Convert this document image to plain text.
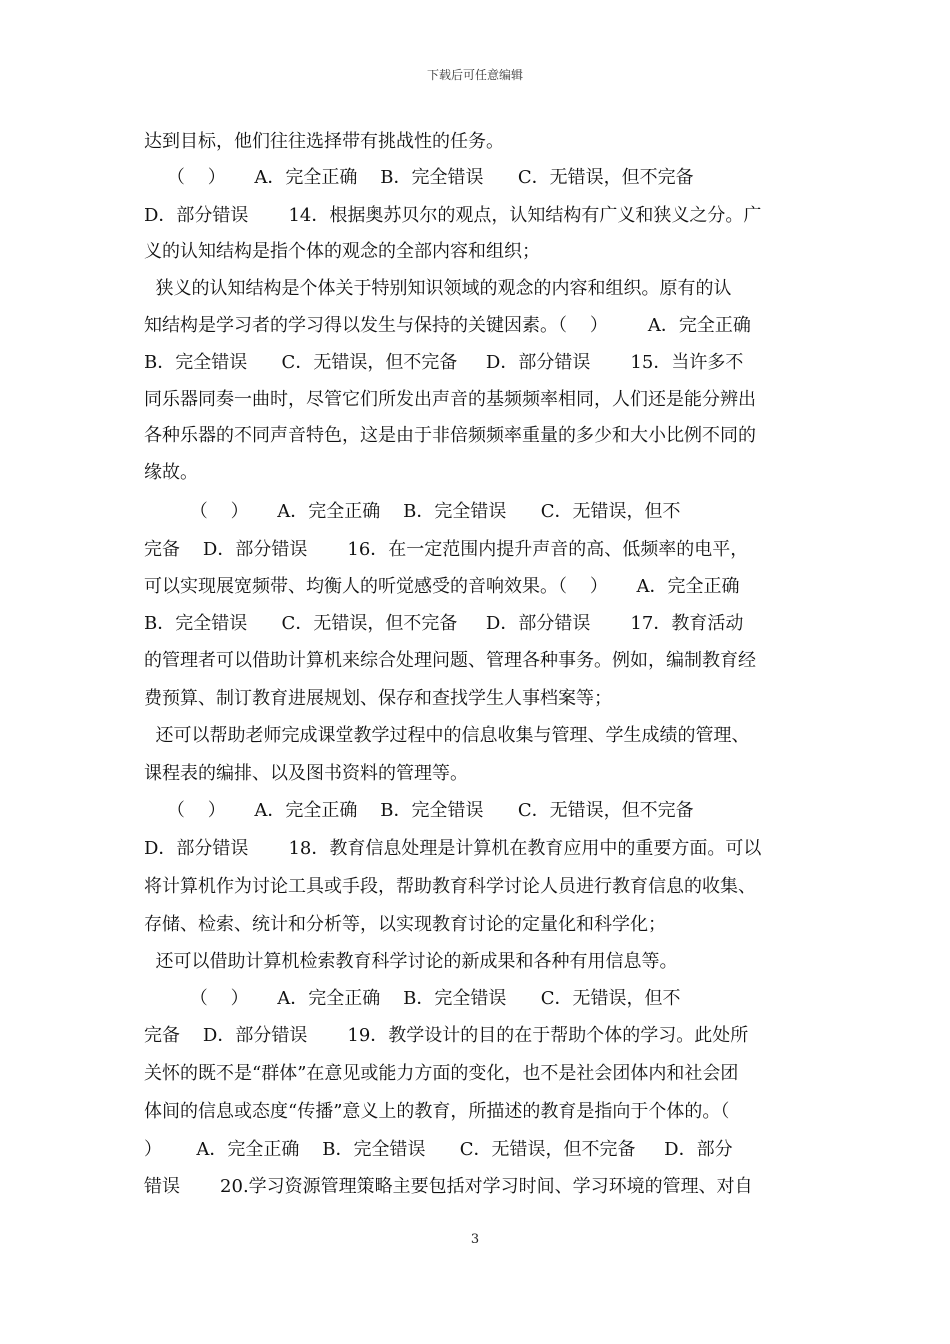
下载后可任意编辑
达到目标，他们往往选择带有挑战性的任务。
（    ）     A．完全正确    B．完全错误      C．无错误，但不完备
D．部分错误       14．根据奥苏贝尔的观点，认知结构有广义和狭义之分。广
义的认知结构是指个体的观念的全部内容和组织；
狭义的认知结构是个体关于特别知识领域的观念的内容和组织。原有的认
知结构是学习者的学习得以发生与保持的关键因素。（    ）       A．完全正确
B．完全错误      C．无错误，但不完备     D．部分错误       15．当许多不
同乐器同奏一曲时，尽管它们所发出声音的基频频率相同，人们还是能分辨出
各种乐器的不同声音特色，这是由于非倍频频率重量的多少和大小比例不同的
缘故。
（    ）     A．完全正确    B．完全错误      C．无错误，但不
完备    D．部分错误       16．在一定范围内提升声音的高、低频率的电平，
可以实现展宽频带、均衡人的听觉感受的音响效果。（    ）     A．完全正确
B．完全错误      C．无错误，但不完备     D．部分错误       17．教育活动
的管理者可以借助计算机来综合处理问题、管理各种事务。例如，编制教育经
费预算、制订教育进展规划、保存和查找学生人事档案等；
还可以帮助老师完成课堂教学过程中的信息收集与管理、学生成绩的管理、
课程表的编排、以及图书资料的管理等。
（    ）     A．完全正确    B．完全错误      C．无错误，但不完备
D．部分错误       18．教育信息处理是计算机在教育应用中的重要方面。可以
将计算机作为讨论工具或手段，帮助教育科学讨论人员进行教育信息的收集、
存储、检索、统计和分析等，以实现教育讨论的定量化和科学化；
还可以借助计算机检索教育科学讨论的新成果和各种有用信息等。
（    ）     A．完全正确    B．完全错误      C．无错误，但不
完备    D．部分错误       19．教学设计的目的在于帮助个体的学习。此处所
关怀的既不是“群体”在意见或能力方面的变化，也不是社会团体内和社会团
体间的信息或态度“传播”意义上的教育，所描述的教育是指向于个体的。（
）      A．完全正确    B．完全错误      C．无错误，但不完备     D．部分
错误       20.学习资源管理策略主要包括对学习时间、学习环境的管理、对自
3
